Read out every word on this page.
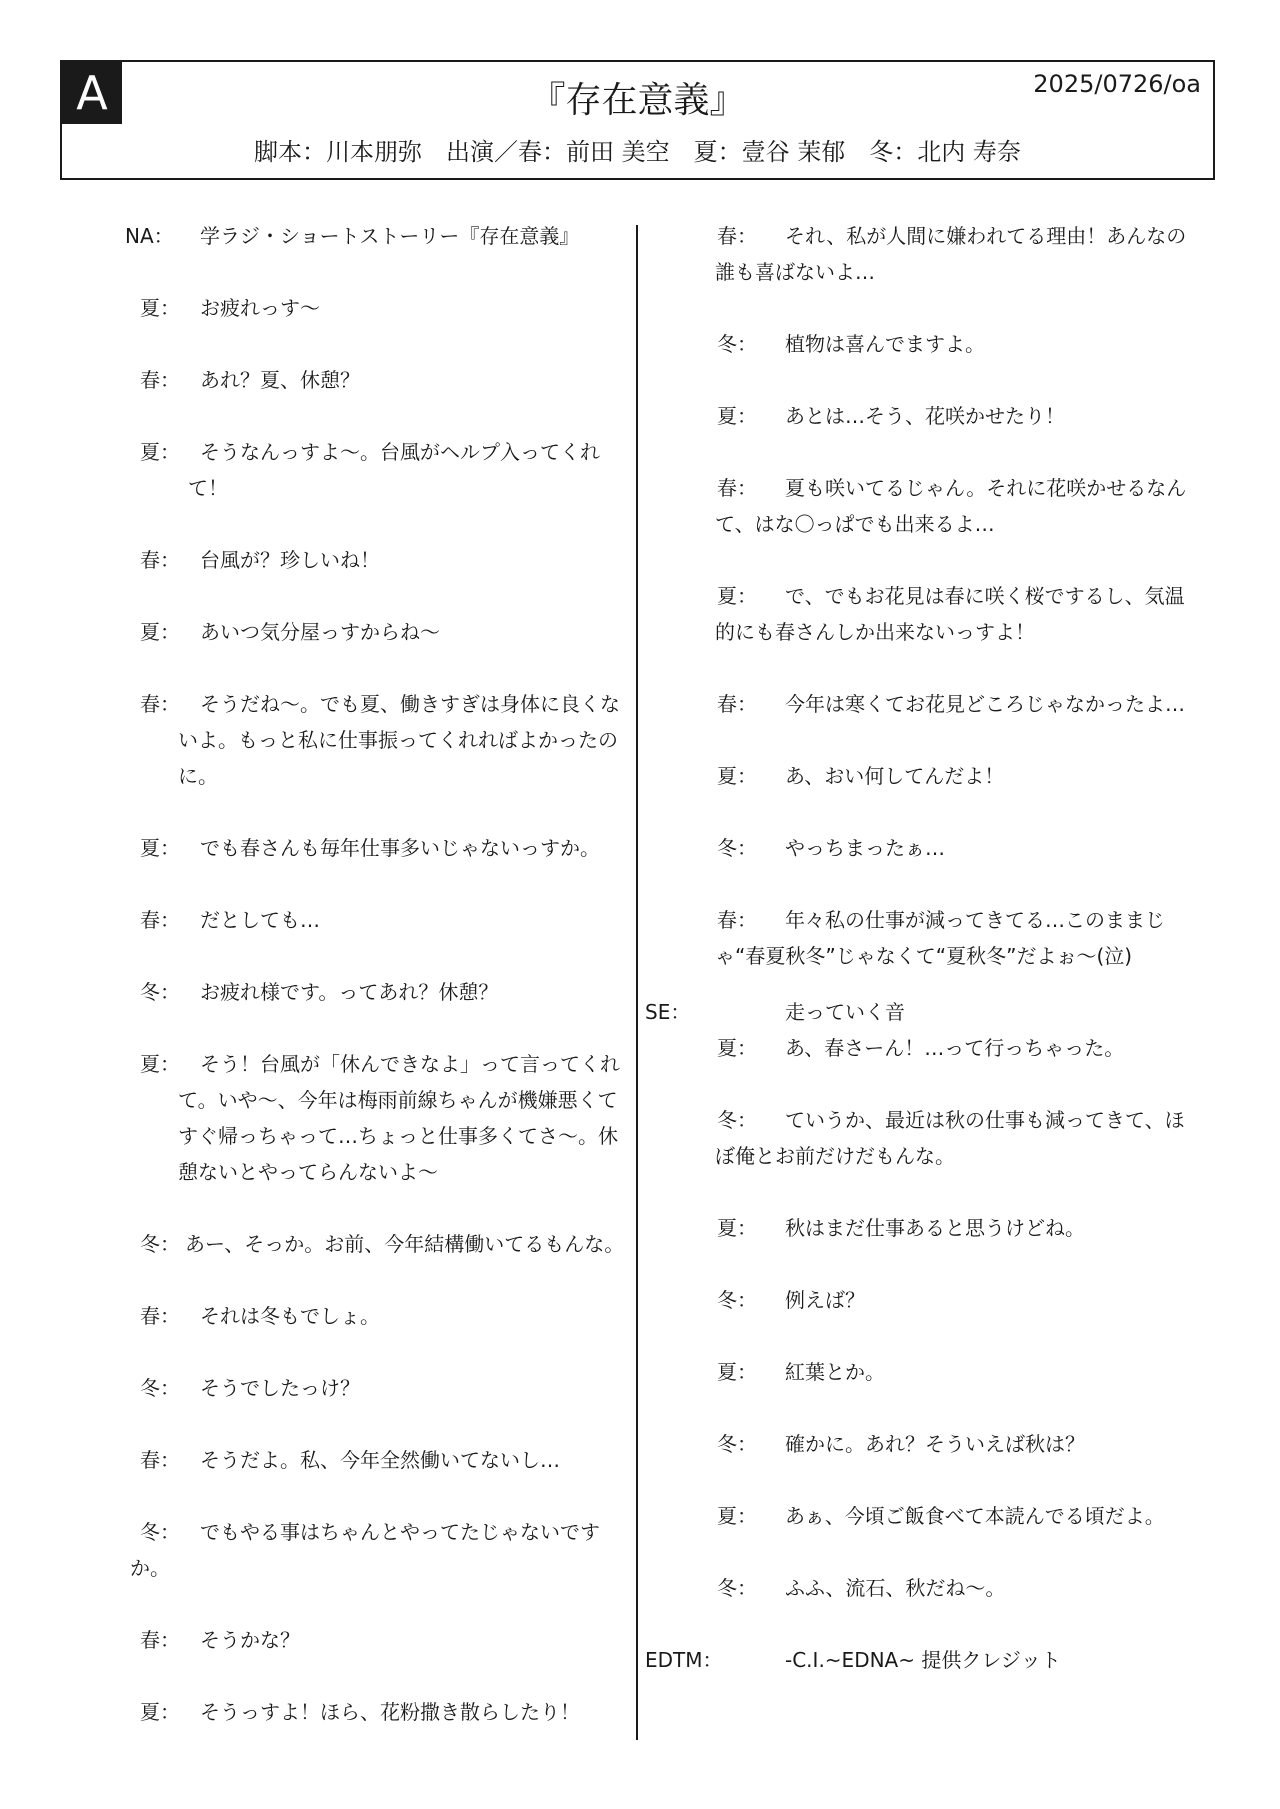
A	『存在意義』	2025/0726/oa
脚本：川本朋弥　出演／春：前田 美空　夏：壹谷 茉郁　冬：北内 寿奈

NA： 学ラジ・ショートストーリー『存在意義』

夏： お疲れっす〜

春： あれ？夏、休憩？

夏：	そうなんっすよ〜。台風がヘルプ入ってくれて！

春： 台風が？珍しいね！

夏： あいつ気分屋っすからね〜

春：	そうだね〜。でも夏、働きすぎは身体に良くないよ。もっと私に仕事振ってくれればよかったのに。

夏： でも春さんも毎年仕事多いじゃないっすか。

春： だとしても…

冬： お疲れ様です。ってあれ？休憩？

夏：	そう！台風が「休んできなよ」って言ってくれて。いや〜、今年は梅雨前線ちゃんが機嫌悪くてすぐ帰っちゃって…ちょっと仕事多くてさ〜。休憩ないとやってらんないよ〜

冬： あー、そっか。お前、今年結構働いてるもんな。

春： それは冬もでしょ。

冬： そうでしたっけ？

春： そうだよ。私、今年全然働いてないし…

冬： でもやる事はちゃんとやってたじゃないですか。

春： そうかな？

夏： そうっすよ！ほら、花粉撒き散らしたり！

春：	それ、私が人間に嫌われてる理由！あんなの誰も喜ばないよ…

冬： 植物は喜んでますよ。

夏： あとは…そう、花咲かせたり！

春：	夏も咲いてるじゃん。それに花咲かせるなんて、はな〇っぱでも出来るよ…

夏：	で、でもお花見は春に咲く桜でするし、気温的にも春さんしか出来ないっすよ！

春： 今年は寒くてお花見どころじゃなかったよ…

夏： あ、おい何してんだよ！

冬： やっちまったぁ…

春：	年々私の仕事が減ってきてる…このままじゃ“春夏秋冬”じゃなくて“夏秋冬”だよぉ〜(泣)

SE：	走っていく音

夏： あ、春さーん！…って行っちゃった。

冬：	ていうか、最近は秋の仕事も減ってきて、ほぼ俺とお前だけだもんな。

夏： 秋はまだ仕事あると思うけどね。

冬： 例えば？

夏： 紅葉とか。

冬： 確かに。あれ？そういえば秋は？

夏： あぁ、今頃ご飯食べて本読んでる頃だよ。

冬： ふふ、流石、秋だね〜。

EDTM：	-C.I.~EDNA~ 提供クレジット
